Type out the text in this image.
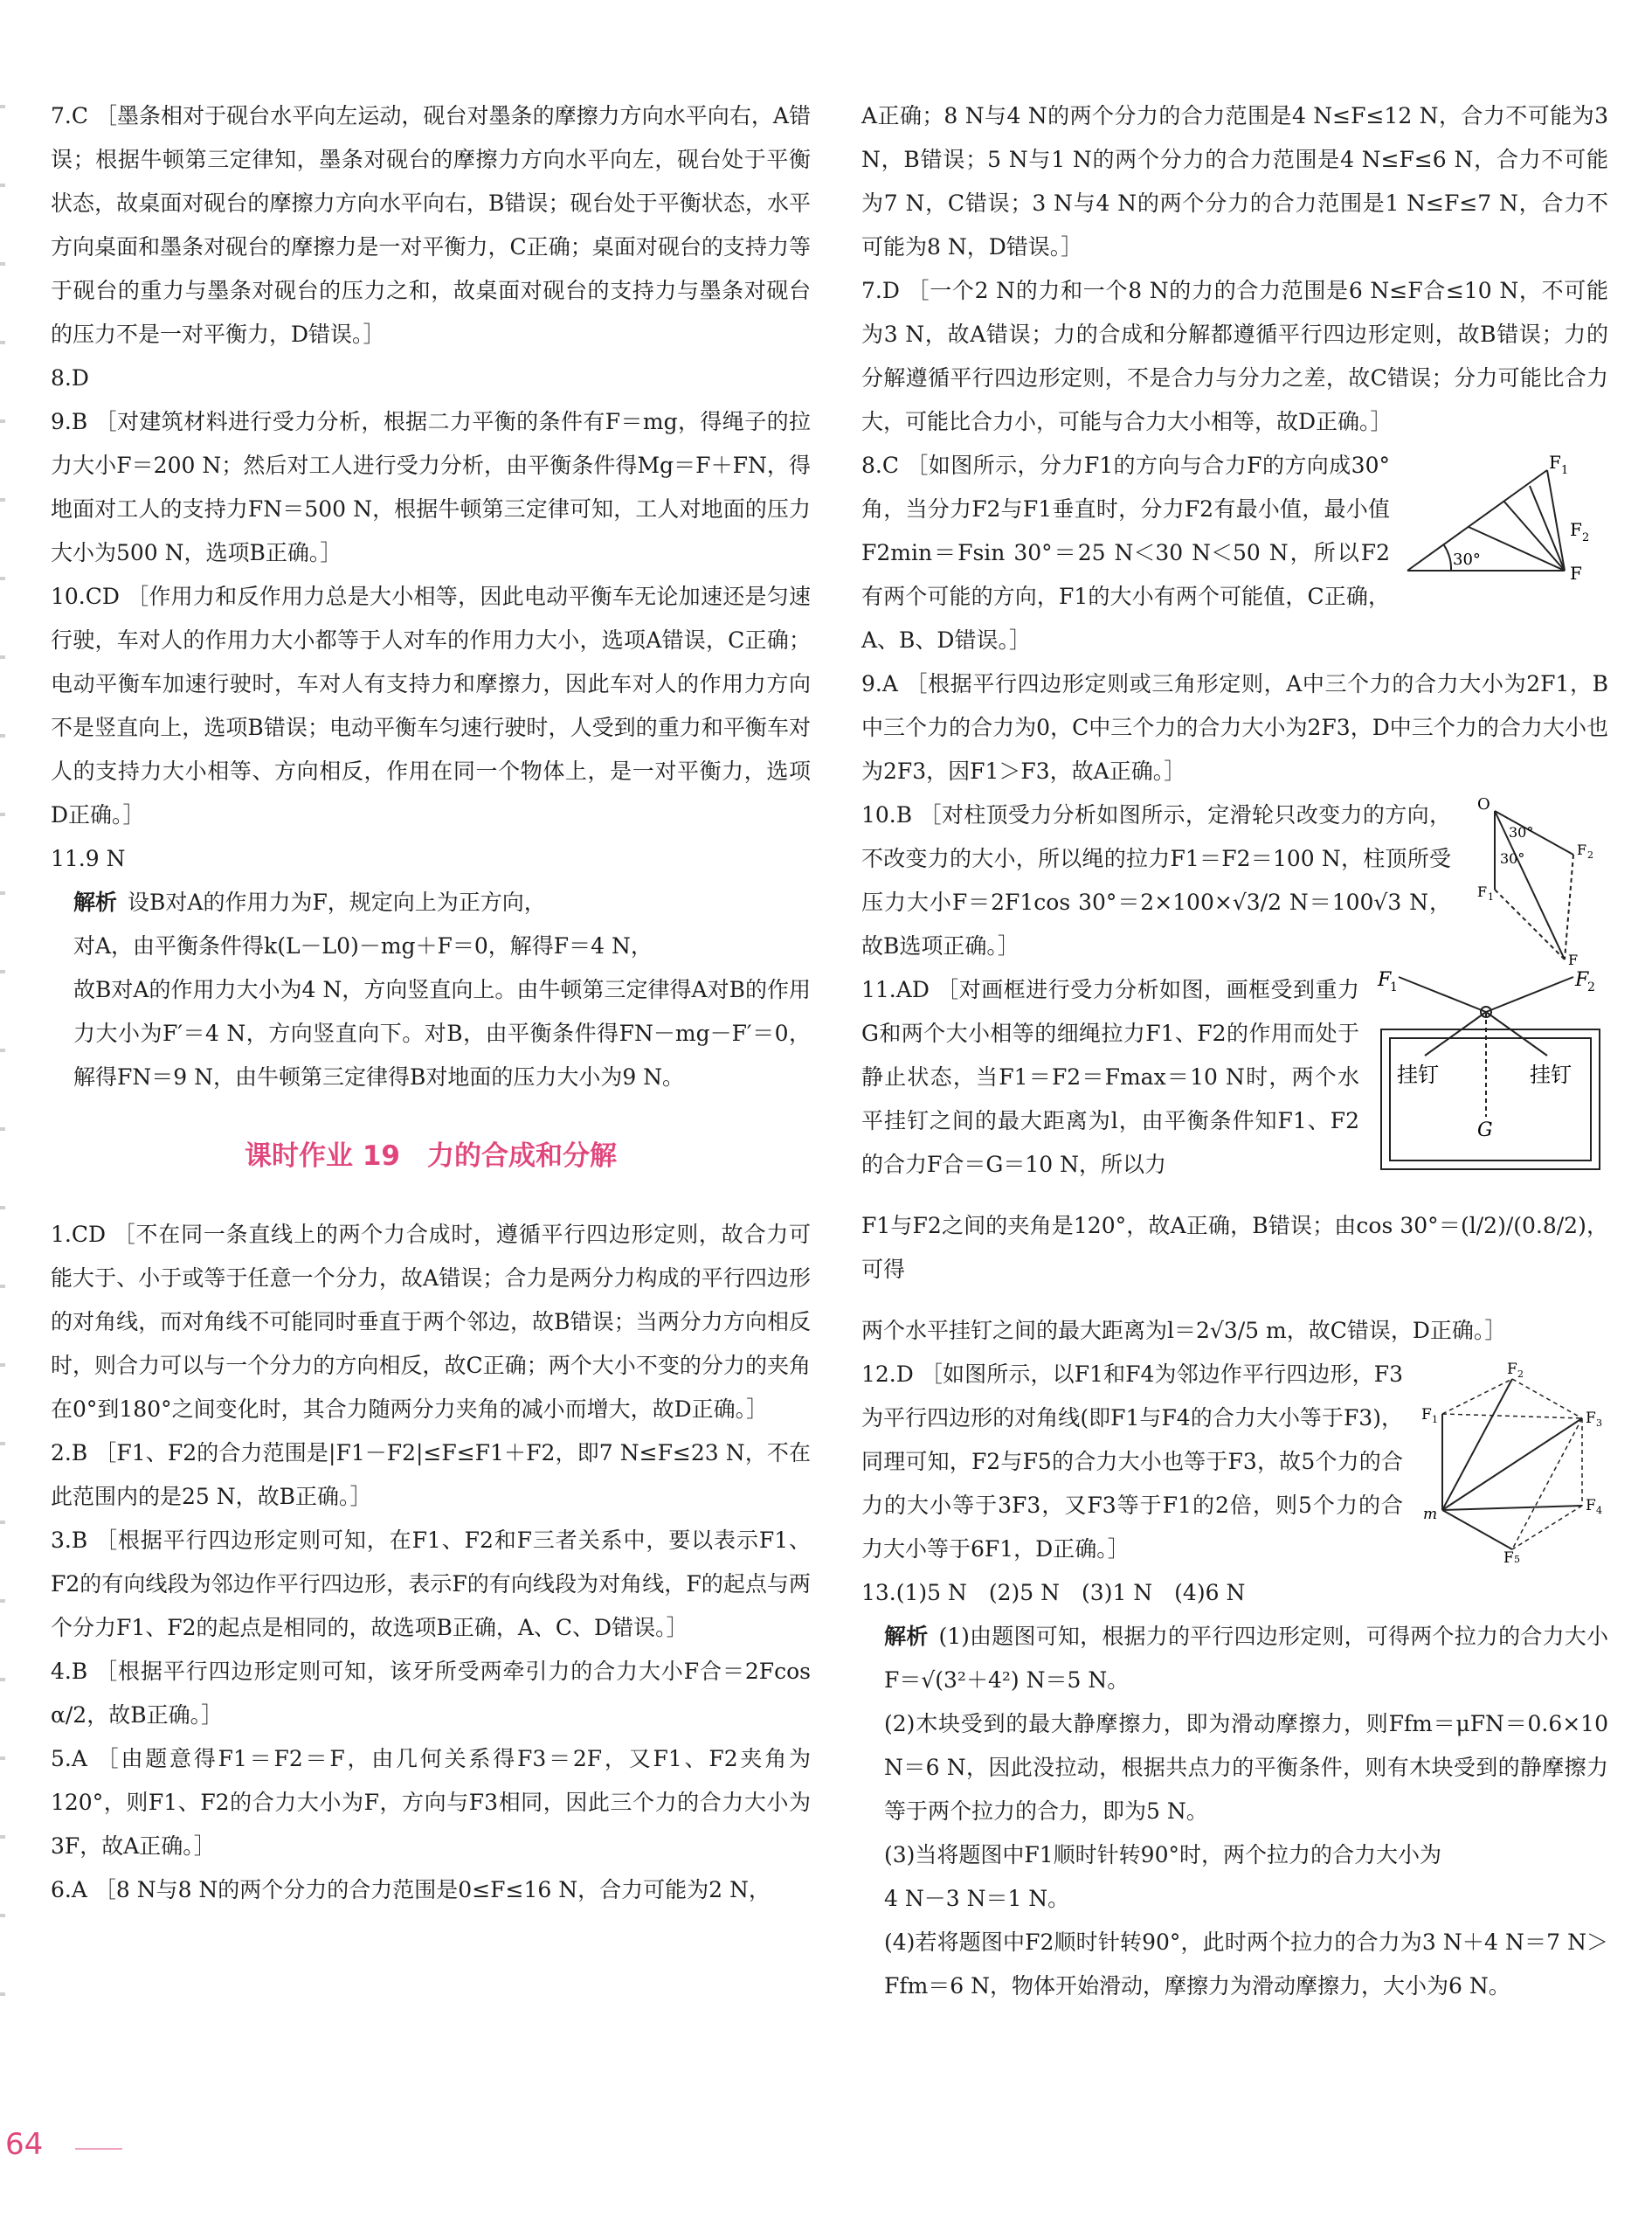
7.C ［墨条相对于砚台水平向左运动，砚台对墨条的摩擦力方向水平向右，A错误；根据牛顿第三定律知，墨条对砚台的摩擦力方向水平向左，砚台处于平衡状态，故桌面对砚台的摩擦力方向水平向右，B错误；砚台处于平衡状态，水平方向桌面和墨条对砚台的摩擦力是一对平衡力，C正确；桌面对砚台的支持力等于砚台的重力与墨条对砚台的压力之和，故桌面对砚台的支持力与墨条对砚台的压力不是一对平衡力，D错误。］
8.D
9.B ［对建筑材料进行受力分析，根据二力平衡的条件有F＝mg，得绳子的拉力大小F＝200 N；然后对工人进行受力分析，由平衡条件得Mg＝F＋FN，得地面对工人的支持力FN＝500 N，根据牛顿第三定律可知，工人对地面的压力大小为500 N，选项B正确。］
10.CD ［作用力和反作用力总是大小相等，因此电动平衡车无论加速还是匀速行驶，车对人的作用力大小都等于人对车的作用力大小，选项A错误，C正确；电动平衡车加速行驶时，车对人有支持力和摩擦力，因此车对人的作用力方向不是竖直向上，选项B错误；电动平衡车匀速行驶时，人受到的重力和平衡车对人的支持力大小相等、方向相反，作用在同一个物体上，是一对平衡力，选项D正确。］
11.9 N
解析 设B对A的作用力为F，规定向上为正方向，
对A，由平衡条件得k(L－L0)－mg＋F＝0，解得F＝4 N，
故B对A的作用力大小为4 N，方向竖直向上。由牛顿第三定律得A对B的作用力大小为F′＝4 N，方向竖直向下。对B，由平衡条件得FN－mg－F′＝0，解得FN＝9 N，由牛顿第三定律得B对地面的压力大小为9 N。
课时作业 19　力的合成和分解
1.CD ［不在同一条直线上的两个力合成时，遵循平行四边形定则，故合力可能大于、小于或等于任意一个分力，故A错误；合力是两分力构成的平行四边形的对角线，而对角线不可能同时垂直于两个邻边，故B错误；当两分力方向相反时，则合力可以与一个分力的方向相反，故C正确；两个大小不变的分力的夹角在0°到180°之间变化时，其合力随两分力夹角的减小而增大，故D正确。］
2.B ［F1、F2的合力范围是|F1－F2|≤F≤F1＋F2，即7 N≤F≤23 N，不在此范围内的是25 N，故B正确。］
3.B ［根据平行四边形定则可知，在F1、F2和F三者关系中，要以表示F1、F2的有向线段为邻边作平行四边形，表示F的有向线段为对角线，F的起点与两个分力F1、F2的起点是相同的，故选项B正确，A、C、D错误。］
4.B ［根据平行四边形定则可知，该牙所受两牵引力的合力大小F合＝2Fcos α/2，故B正确。］
5.A ［由题意得F1＝F2＝F，由几何关系得F3＝2F，又F1、F2夹角为120°，则F1、F2的合力大小为F，方向与F3相同，因此三个力的合力大小为3F，故A正确。］
6.A ［8 N与8 N的两个分力的合力范围是0≤F≤16 N，合力可能为2 N，
A正确；8 N与4 N的两个分力的合力范围是4 N≤F≤12 N，合力不可能为3 N，B错误；5 N与1 N的两个分力的合力范围是4 N≤F≤6 N，合力不可能为7 N，C错误；3 N与4 N的两个分力的合力范围是1 N≤F≤7 N，合力不可能为8 N，D错误。］
7.D ［一个2 N的力和一个8 N的力的合力范围是6 N≤F合≤10 N，不可能为3 N，故A错误；力的合成和分解都遵循平行四边形定则，故B错误；力的分解遵循平行四边形定则，不是合力与分力之差，故C错误；分力可能比合力大，可能比合力小，可能与合力大小相等，故D正确。］
F 1
F 2
F
30°
8.C ［如图所示，分力F1的方向与合力F的方向成30°角，当分力F2与F1垂直时，分力F2有最小值，最小值F2min＝Fsin 30°＝25 N＜30 N＜50 N，所以F2有两个可能的方向，F1的大小有两个可能值，C正确，A、B、D错误。］
9.A ［根据平行四边形定则或三角形定则，A中三个力的合力大小为2F1，B中三个力的合力为0，C中三个力的合力大小为2F3，D中三个力的合力大小也为2F3，因F1＞F3，故A正确。］
O
30°
30°
F 2
F 1
F
10.B ［对柱顶受力分析如图所示，定滑轮只改变力的方向，不改变力的大小，所以绳的拉力F1＝F2＝100 N，柱顶所受压力大小F＝2F1cos 30°＝2×100×√3/2 N＝100√3 N，故B选项正确。］
F
1	F
2
挂钉	挂钉
G
11.AD ［对画框进行受力分析如图，画框受到重力G和两个大小相等的细绳拉力F1、F2的作用而处于静止状态，当F1＝F2＝Fmax＝10 N时，两个水平挂钉之间的最大距离为l，由平衡条件知F1、F2的合力F合＝G＝10 N，所以力
F1与F2之间的夹角是120°，故A正确，B错误；由cos 30°＝(l/2)/(0.8/2)，可得
两个水平挂钉之间的最大距离为l＝2√3/5 m，故C错误，D正确。］
F 1
F 2
F 3
F 4
F 5
m
12.D ［如图所示，以F1和F4为邻边作平行四边形，F3为平行四边形的对角线(即F1与F4的合力大小等于F3)，同理可知，F2与F5的合力大小也等于F3，故5个力的合力的大小等于3F3，又F3等于F1的2倍，则5个力的合力大小等于6F1，D正确。］
13.(1)5 N　(2)5 N　(3)1 N　(4)6 N
解析 (1)由题图可知，根据力的平行四边形定则，可得两个拉力的合力大小F＝√(3²＋4²) N＝5 N。
(2)木块受到的最大静摩擦力，即为滑动摩擦力，则Ffm＝μFN＝0.6×10 N＝6 N，因此没拉动，根据共点力的平衡条件，则有木块受到的静摩擦力等于两个拉力的合力，即为5 N。
(3)当将题图中F1顺时针转90°时，两个拉力的合力大小为
4 N－3 N＝1 N。
(4)若将题图中F2顺时针转90°，此时两个拉力的合力为3 N＋4 N＝7 N＞Ffm＝6 N，物体开始滑动，摩擦力为滑动摩擦力，大小为6 N。
64
